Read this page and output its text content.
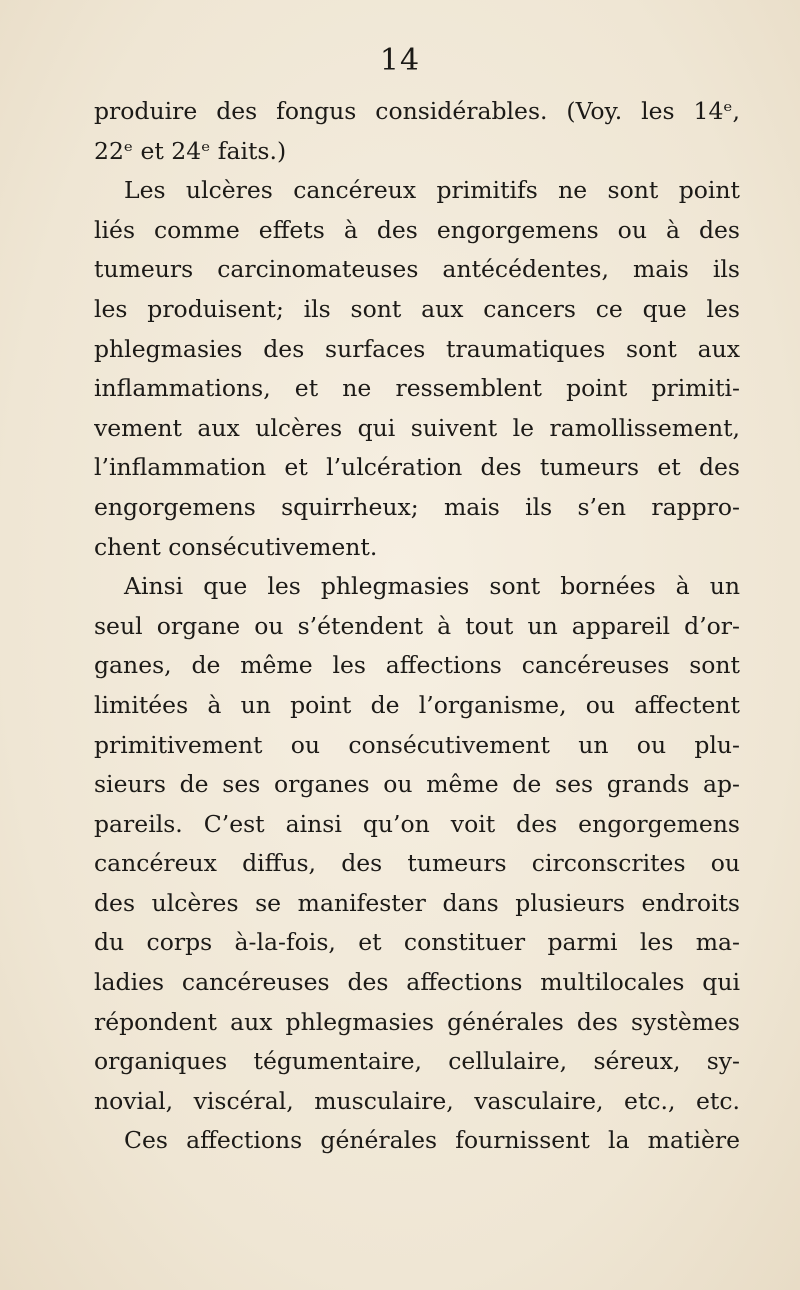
14
produire des fongus considérables. (Voy. les 14ᵉ,
22ᵉ et 24ᵉ faits.)
Les ulcères cancéreux primitifs ne sont point
liés comme effets à des engorgemens ou à des
tumeurs carcinomateuses antécédentes, mais ils
les produisent; ils sont aux cancers ce que les
phlegmasies des surfaces traumatiques sont aux
inflammations, et ne ressemblent point primiti-
vement aux ulcères qui suivent le ramollissement,
l’inflammation et l’ulcération des tumeurs et des
engorgemens squirrheux; mais ils s’en rappro-
chent consécutivement.
Ainsi que les phlegmasies sont bornées à un
seul organe ou s’étendent à tout un appareil d’or-
ganes, de même les affections cancéreuses sont
limitées à un point de l’organisme, ou affectent
primitivement ou consécutivement un ou plu-
sieurs de ses organes ou même de ses grands ap-
pareils. C’est ainsi qu’on voit des engorgemens
cancéreux diffus, des tumeurs circonscrites ou
des ulcères se manifester dans plusieurs endroits
du corps à-la-fois, et constituer parmi les ma-
ladies cancéreuses des affections multilocales qui
répondent aux phlegmasies générales des systèmes
organiques tégumentaire, cellulaire, séreux, sy-
novial, viscéral, musculaire, vasculaire, etc., etc.
Ces affections générales fournissent la matière
